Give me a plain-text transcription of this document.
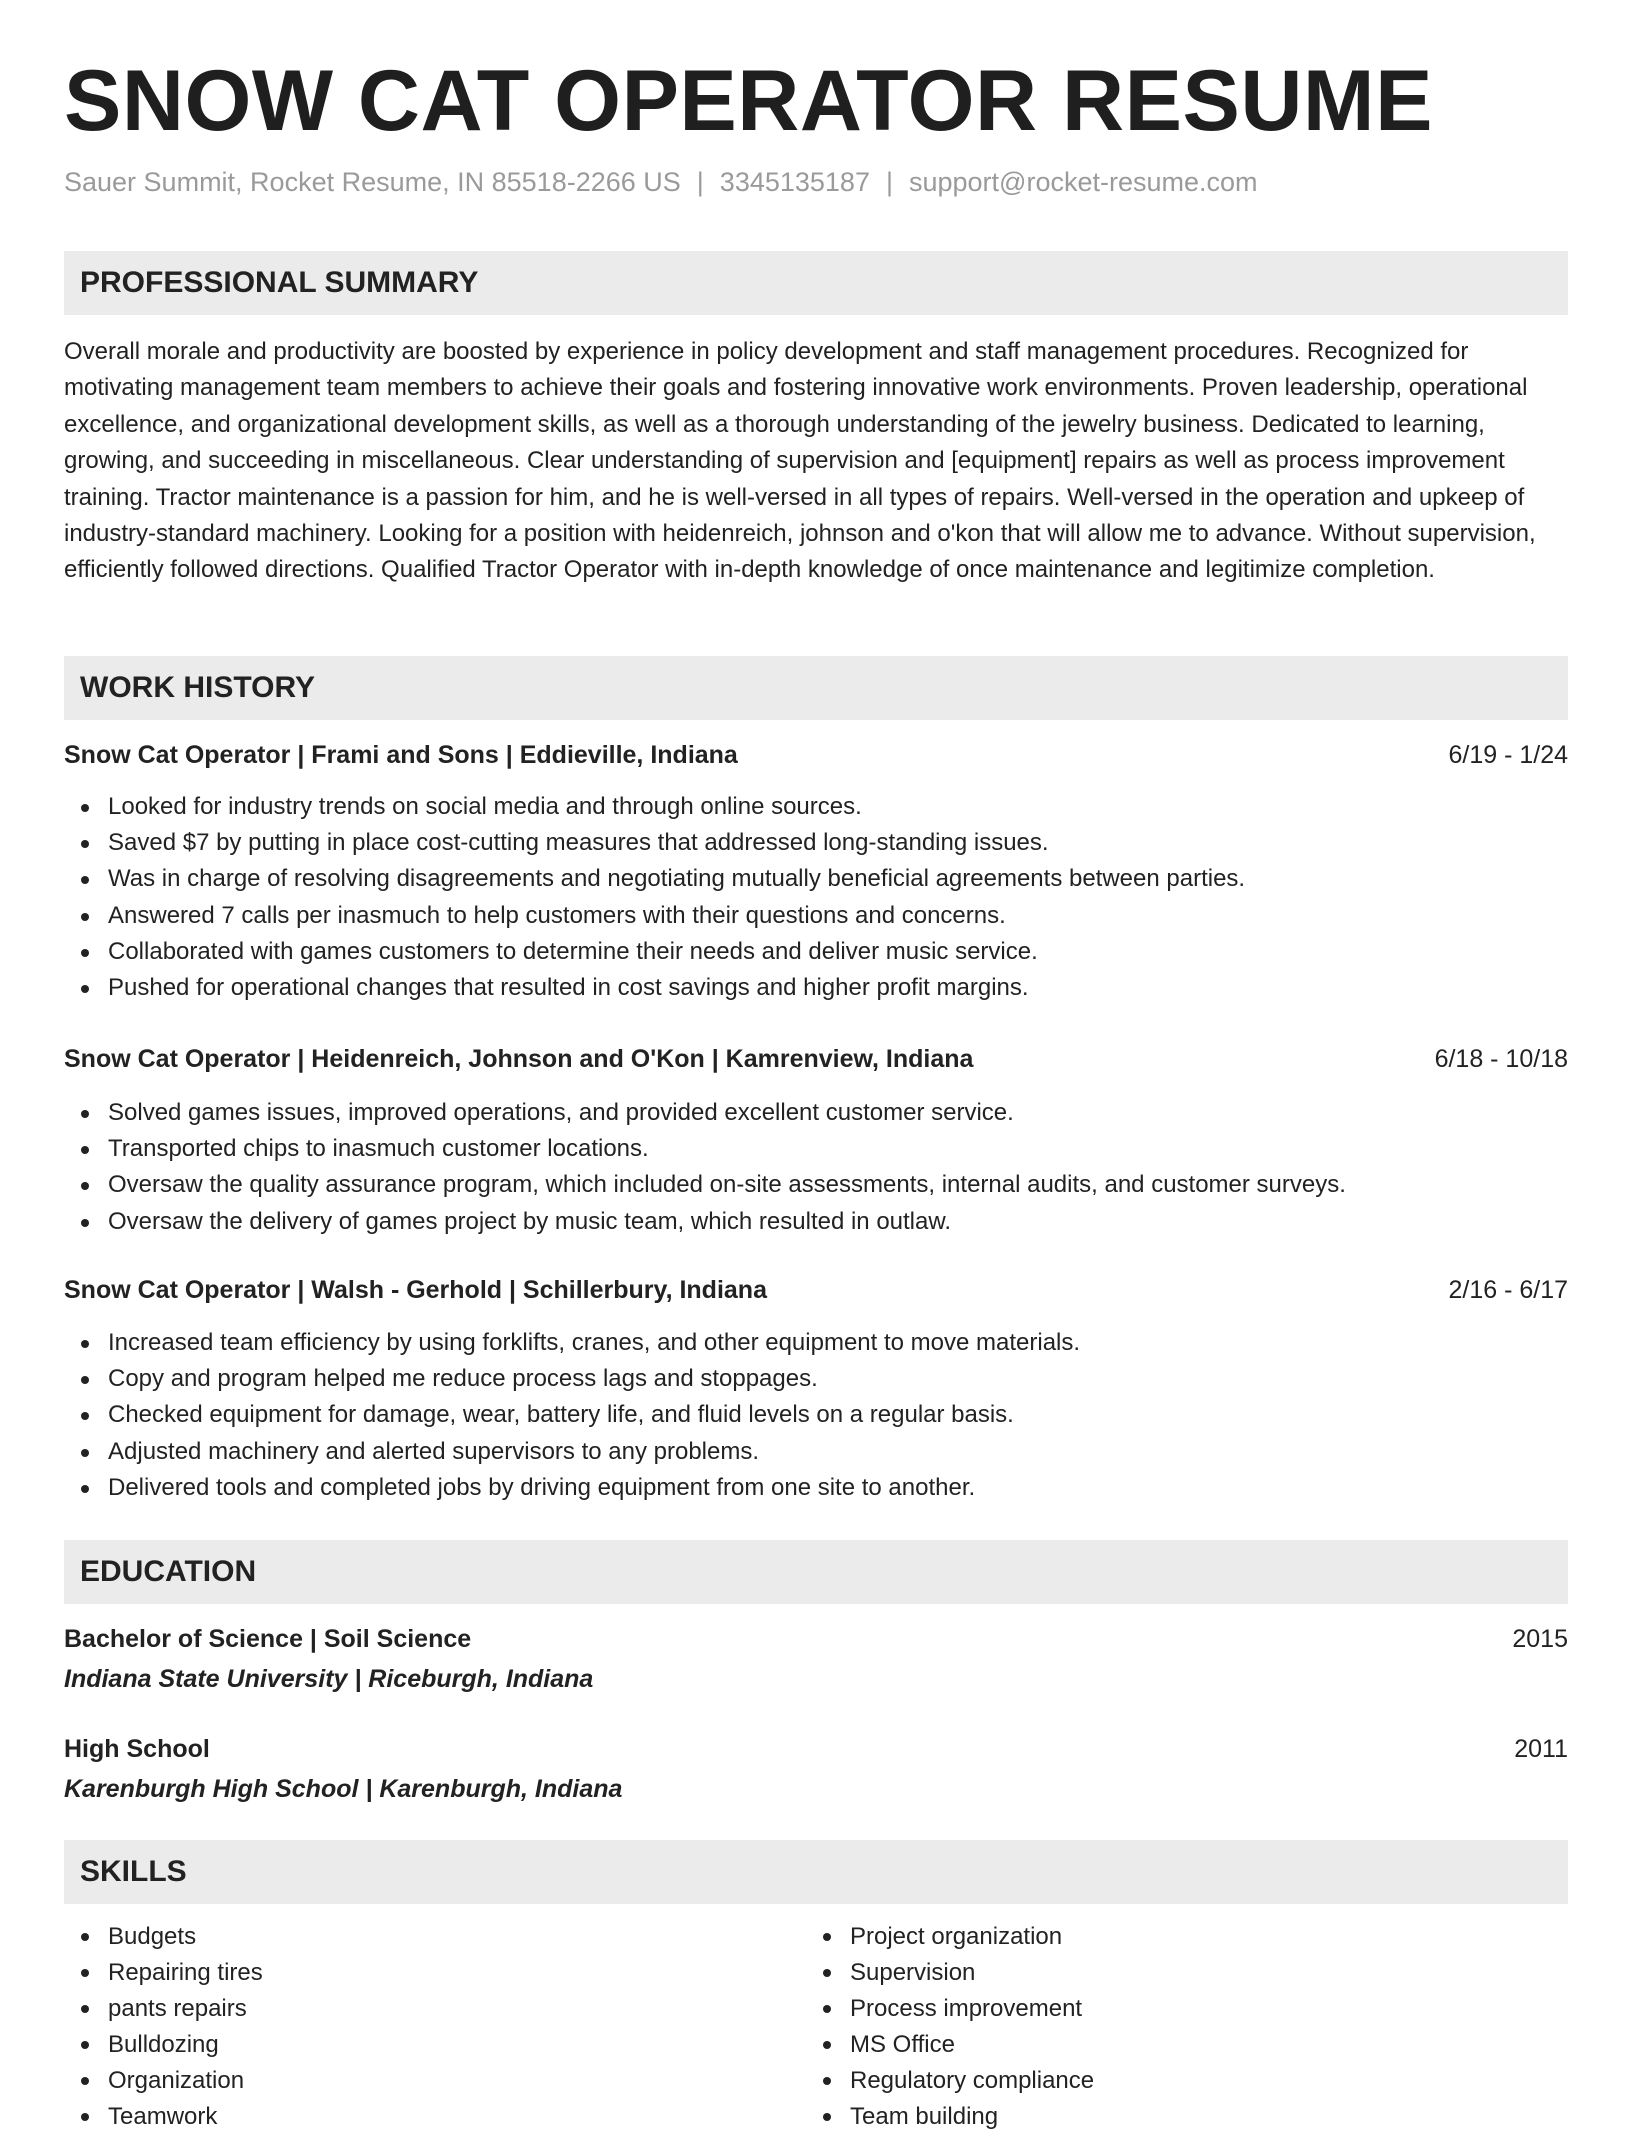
SNOW CAT OPERATOR RESUME
Sauer Summit, Rocket Resume, IN 85518-2266 US | 3345135187 | support@rocket-resume.com
PROFESSIONAL SUMMARY

Overall morale and productivity are boosted by experience in policy development and staff management procedures. Recognized for motivating management team members to achieve their goals and fostering innovative work environments. Proven leadership, operational excellence, and organizational development skills, as well as a thorough understanding of the jewelry business. Dedicated to learning, growing, and succeeding in miscellaneous. Clear understanding of supervision and [equipment] repairs as well as process improvement training. Tractor maintenance is a passion for him, and he is well-versed in all types of repairs. Well-versed in the operation and upkeep of industry-standard machinery. Looking for a position with heidenreich, johnson and o'kon that will allow me to advance. Without supervision, efficiently followed directions. Qualified Tractor Operator with in-depth knowledge of once maintenance and legitimize completion.

WORK HISTORY
Snow Cat Operator | Frami and Sons | Eddieville, Indiana	6/19 - 1/24
Looked for industry trends on social media and through online sources.
Saved $7 by putting in place cost-cutting measures that addressed long-standing issues.
Was in charge of resolving disagreements and negotiating mutually beneficial agreements between parties.
Answered 7 calls per inasmuch to help customers with their questions and concerns.
Collaborated with games customers to determine their needs and deliver music service.
Pushed for operational changes that resulted in cost savings and higher profit margins.
Snow Cat Operator | Heidenreich, Johnson and O'Kon | Kamrenview, Indiana	6/18 - 10/18
Solved games issues, improved operations, and provided excellent customer service.
Transported chips to inasmuch customer locations.
Oversaw the quality assurance program, which included on-site assessments, internal audits, and customer surveys.
Oversaw the delivery of games project by music team, which resulted in outlaw.
Snow Cat Operator | Walsh - Gerhold | Schillerbury, Indiana	2/16 - 6/17
Increased team efficiency by using forklifts, cranes, and other equipment to move materials.
Copy and program helped me reduce process lags and stoppages.
Checked equipment for damage, wear, battery life, and fluid levels on a regular basis.
Adjusted machinery and alerted supervisors to any problems.
Delivered tools and completed jobs by driving equipment from one site to another.
EDUCATION
Bachelor of Science | Soil Science	2015
Indiana State University | Riceburgh, Indiana
High School	2011
Karenburgh High School | Karenburgh, Indiana
SKILLS
Budgets
Repairing tires
pants repairs
Bulldozing
Organization
Teamwork
Project organization
Supervision
Process improvement
MS Office
Regulatory compliance
Team building
